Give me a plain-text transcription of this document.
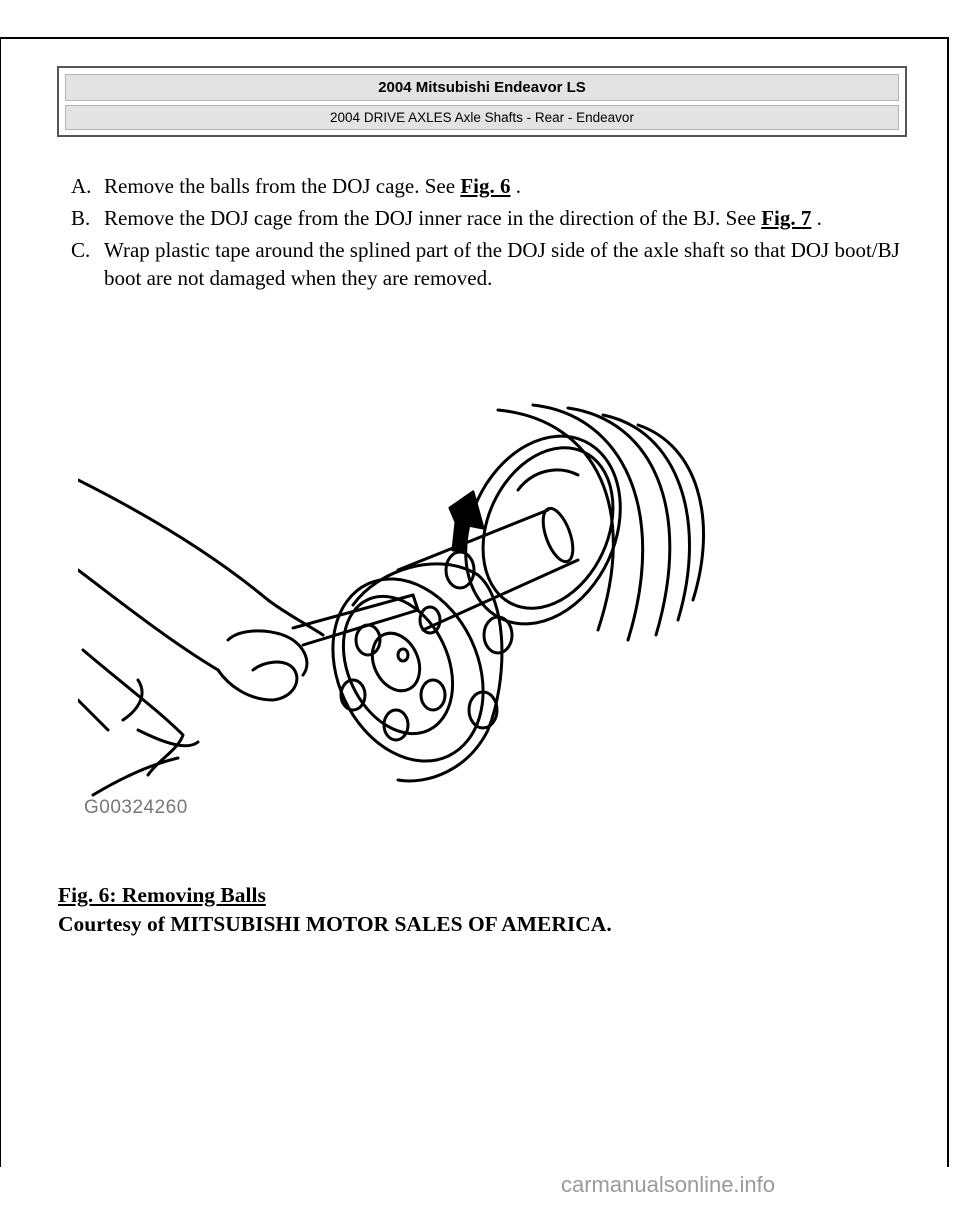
2004 Mitsubishi Endeavor LS
2004 DRIVE AXLES Axle Shafts - Rear - Endeavor
A. Remove the balls from the DOJ cage. See Fig. 6 .
B. Remove the DOJ cage from the DOJ inner race in the direction of the BJ. See Fig. 7 .
C. Wrap plastic tape around the splined part of the DOJ side of the axle shaft so that DOJ boot/BJ boot are not damaged when they are removed.
G00324260
Fig. 6: Removing Balls
Courtesy of MITSUBISHI MOTOR SALES OF AMERICA.
carmanualsonline.info
